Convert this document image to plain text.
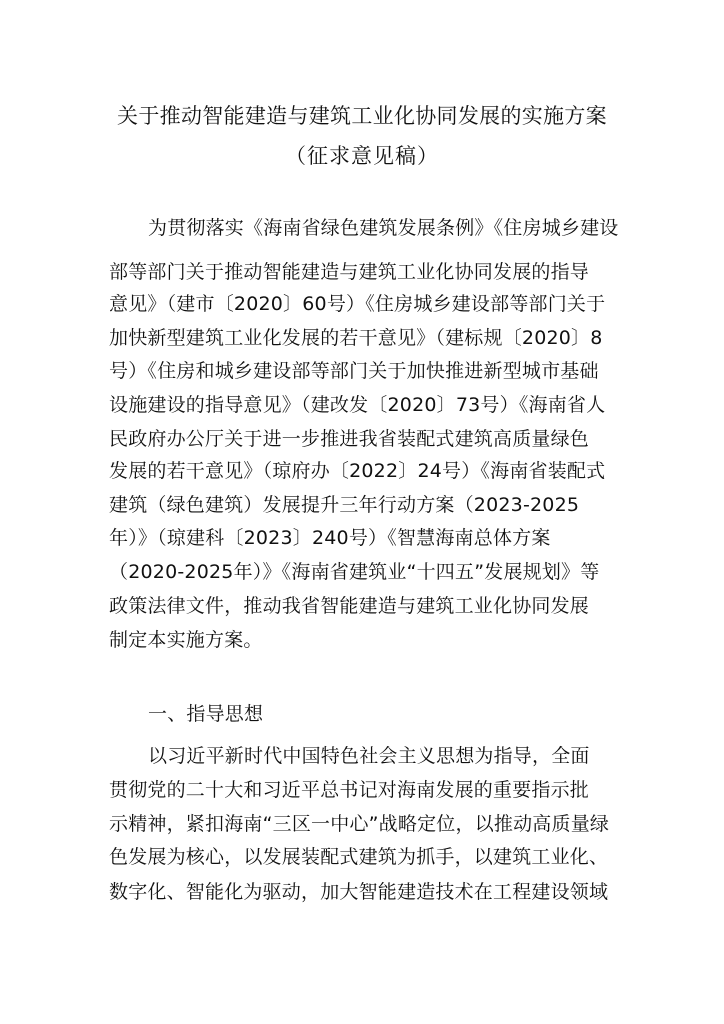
关于推动智能建造与建筑工业化协同发展的实施方案
（征求意见稿）
为贯彻落实《海南省绿色建筑发展条例》《住房城乡建设
部等部门关于推动智能建造与建筑工业化协同发展的指导
意见》（建市〔2020〕60号）《住房城乡建设部等部门关于
加快新型建筑工业化发展的若干意见》（建标规〔2020〕8
号）《住房和城乡建设部等部门关于加快推进新型城市基础
设施建设的指导意见》（建改发〔2020〕73号）《海南省人
民政府办公厅关于进一步推进我省装配式建筑高质量绿色
发展的若干意见》（琼府办〔2022〕24号）《海南省装配式
建筑（绿色建筑）发展提升三年行动方案（2023-2025
年）》（琼建科〔2023〕240号）《智慧海南总体方案
（2020-2025年）》《海南省建筑业“十四五”发展规划》等
政策法律文件，推动我省智能建造与建筑工业化协同发展
制定本实施方案。
一、指导思想
以习近平新时代中国特色社会主义思想为指导，全面
贯彻党的二十大和习近平总书记对海南发展的重要指示批
示精神，紧扣海南“三区一中心”战略定位，以推动高质量绿
色发展为核心，以发展装配式建筑为抓手，以建筑工业化、
数字化、智能化为驱动，加大智能建造技术在工程建设领域
